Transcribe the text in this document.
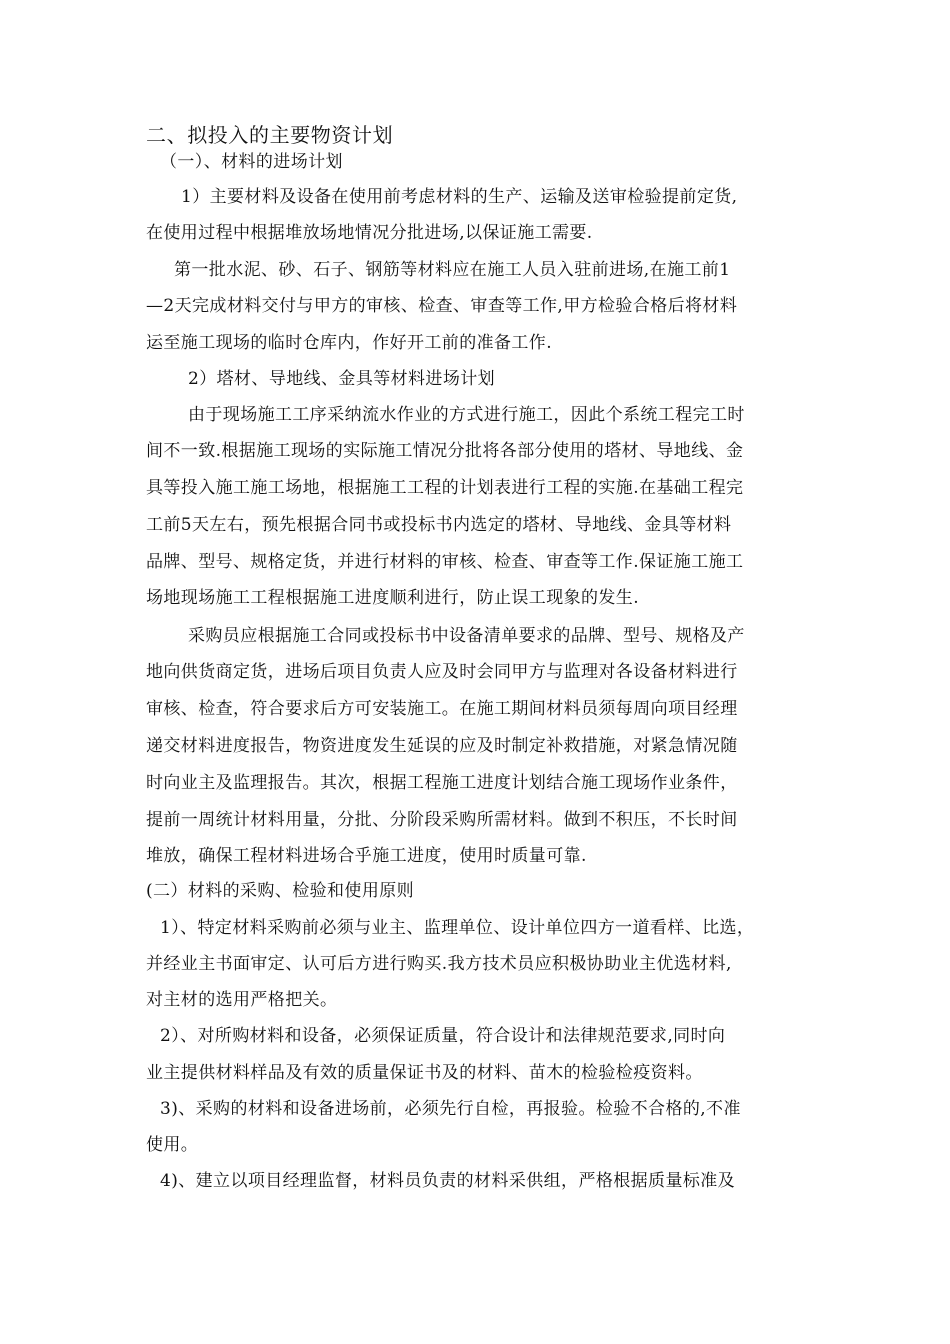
二、拟投入的主要物资计划
（一）、材料的进场计划
1）主要材料及设备在使用前考虑材料的生产、运输及送审检验提前定货,
在使用过程中根据堆放场地情况分批进场,以保证施工需要.
第一批水泥、砂、石子、钢筋等材料应在施工人员入驻前进场,在施工前1
—2天完成材料交付与甲方的审核、检查、审查等工作,甲方检验合格后将材料
运至施工现场的临时仓库内，作好开工前的准备工作.
2）塔材、导地线、金具等材料进场计划
由于现场施工工序采纳流水作业的方式进行施工，因此个系统工程完工时
间不一致.根据施工现场的实际施工情况分批将各部分使用的塔材、导地线、金
具等投入施工施工场地，根据施工工程的计划表进行工程的实施.在基础工程完
工前5天左右，预先根据合同书或投标书内选定的塔材、导地线、金具等材料
品牌、型号、规格定货，并进行材料的审核、检查、审查等工作.保证施工施工
场地现场施工工程根据施工进度顺利进行，防止误工现象的发生.
采购员应根据施工合同或投标书中设备清单要求的品牌、型号、规格及产
地向供货商定货，进场后项目负责人应及时会同甲方与监理对各设备材料进行
审核、检查，符合要求后方可安装施工。在施工期间材料员须每周向项目经理
递交材料进度报告，物资进度发生延误的应及时制定补救措施，对紧急情况随
时向业主及监理报告。其次，根据工程施工进度计划结合施工现场作业条件，
提前一周统计材料用量，分批、分阶段采购所需材料。做到不积压，不长时间
堆放，确保工程材料进场合乎施工进度，使用时质量可靠.
(二）材料的采购、检验和使用原则
1）、特定材料采购前必须与业主、监理单位、设计单位四方一道看样、比选，
并经业主书面审定、认可后方进行购买.我方技术员应积极协助业主优选材料,
对主材的选用严格把关。
2）、对所购材料和设备，必须保证质量，符合设计和法律规范要求,同时向
业主提供材料样品及有效的质量保证书及的材料、苗木的检验检疫资料。
3)、采购的材料和设备进场前，必须先行自检，再报验。检验不合格的,不准
使用。
4)、建立以项目经理监督，材料员负责的材料采供组，严格根据质量标准及
